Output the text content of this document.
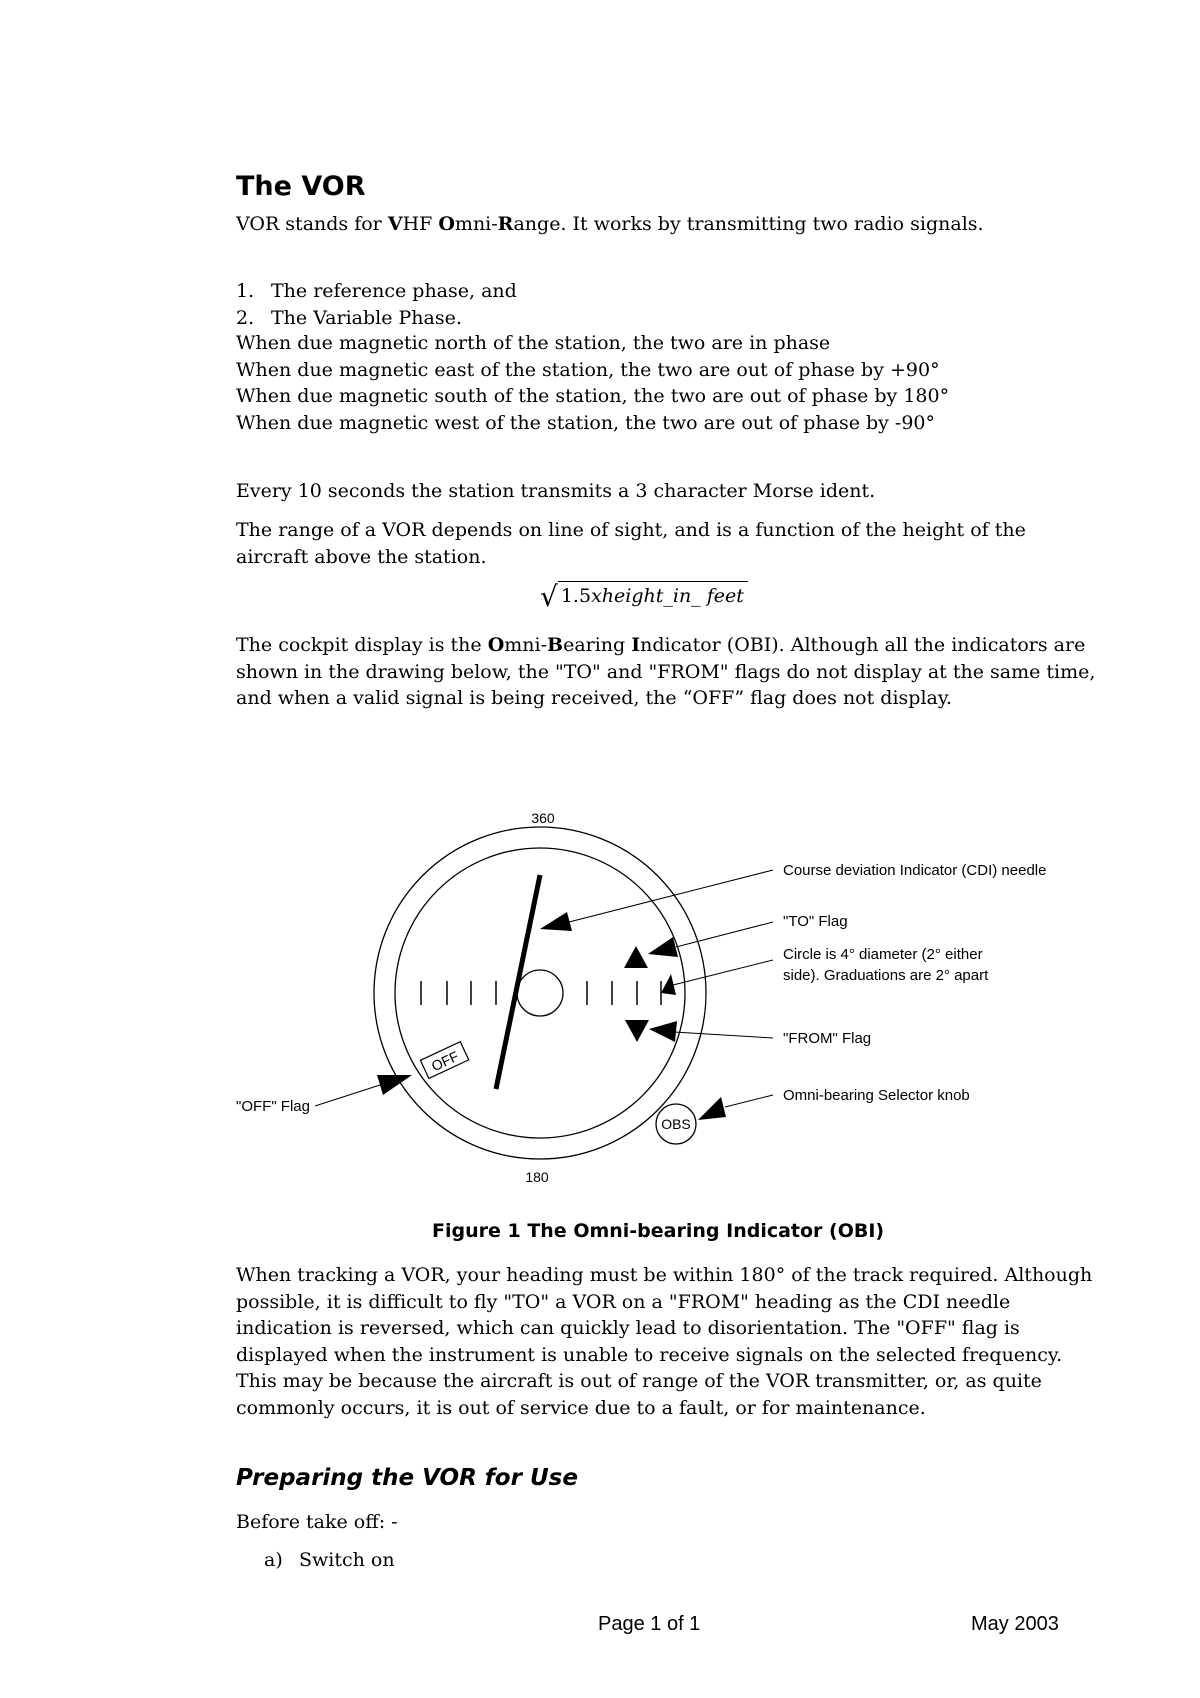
The VOR
VOR stands for VHF Omni-Range. It works by transmitting two radio signals.
1. The reference phase, and
2. The Variable Phase.
When due magnetic north of the station, the two are in phase
When due magnetic east of the station, the two are out of phase by +90°
When due magnetic south of the station, the two are out of phase by 180°
When due magnetic west of the station, the two are out of phase by -90°
Every 10 seconds the station transmits a 3 character Morse ident.
The range of a VOR depends on line of sight, and is a function of the height of the aircraft above the station.
√ 1.5xheight_in_ feet
The cockpit display is the Omni-Bearing Indicator (OBI). Although all the indicators are shown in the drawing below, the "TO" and "FROM" flags do not display at the same time, and when a valid signal is being received, the “OFF” flag does not display.
OFF
OBS
360
180
Course deviation Indicator (CDI) needle
"TO" Flag
Circle is 4° diameter (2° either
side). Graduations are 2° apart
"FROM" Flag
Omni-bearing Selector knob
"OFF" Flag
Figure 1 The Omni-bearing Indicator (OBI)
When tracking a VOR, your heading must be within 180° of the track required. Although possible, it is difficult to fly "TO" a VOR on a "FROM" heading as the CDI needle indication is reversed, which can quickly lead to disorientation. The "OFF" flag is displayed when the instrument is unable to receive signals on the selected frequency. This may be because the aircraft is out of range of the VOR transmitter, or, as quite commonly occurs, it is out of service due to a fault, or for maintenance.
Preparing the VOR for Use
Before take off: -
a) Switch on
Page 1 of 1	May 2003
